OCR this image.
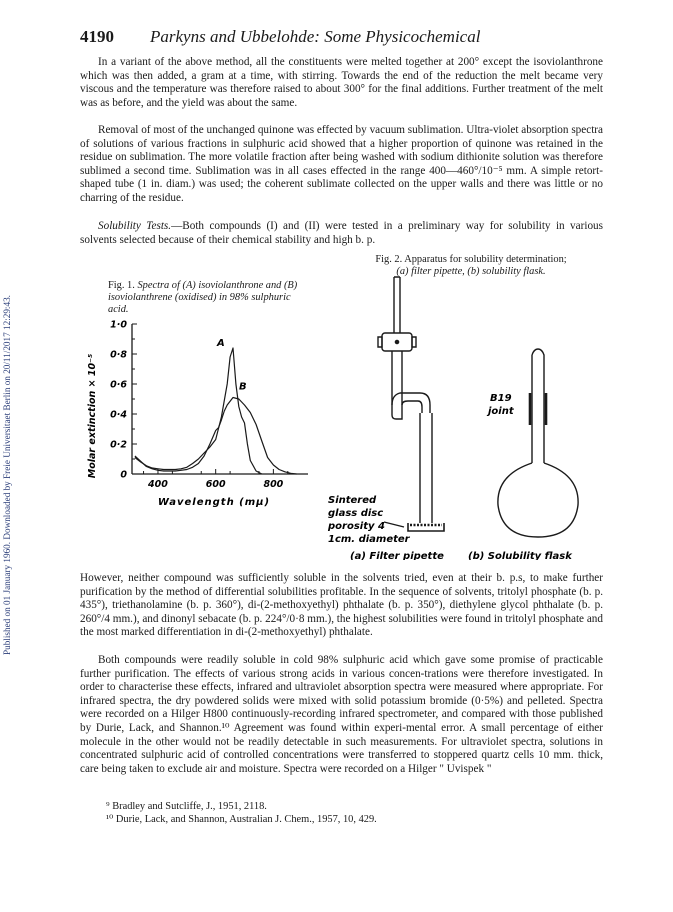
Published on 01 January 1960. Downloaded by Freie Universitaet Berlin on 20/11/2017 12:29:43.
4190 Parkyns and Ubbelohde: Some Physicochemical

In a variant of the above method, all the constituents were melted together at 200° except the isoviolanthrone which was then added, a gram at a time, with stirring. Towards the end of the reduction the melt became very viscous and the temperature was therefore raised to about 300° for the final additions. Further treatment of the melt was as before, and the yield was about the same.

Removal of most of the unchanged quinone was effected by vacuum sublimation. Ultra-violet absorption spectra of solutions of various fractions in sulphuric acid showed that a higher proportion of quinone was retained in the residue on sublimation. The more volatile fraction after being washed with sodium dithionite solution was therefore sublimed a second time. Sublimation was in all cases effected in the range 400—460°/10⁻⁵ mm. A simple retort-shaped tube (1 in. diam.) was used; the coherent sublimate collected on the upper walls and there was little or no charring of the residue.

Solubility Tests.—Both compounds (I) and (II) were tested in a preliminary way for solubility in various solvents selected because of their chemical stability and high b. p.

Fig. 1. Spectra of (A) isoviolanthrone and (B) isoviolanthrene (oxidised) in 98% sulphuric acid.

0
0·2
0·4
0·6
0·8
1·0
400	600	800
A
B
Molar extinction × 10⁻⁵
Wavelength (mμ)

Fig. 2. Apparatus for solubility determination;
(a) filter pipette, (b) solubility flask.

B19
joint
Sintered
glass disc
porosity 4
1cm. diameter
(a) Filter pipette (b) Solubility flask

However, neither compound was sufficiently soluble in the solvents tried, even at their b. p.s, to make further purification by the method of differential solubilities profitable. In the sequence of solvents, tritolyl phosphate (b. p. 435°), triethanolamine (b. p. 360°), di-(2-methoxyethyl) phthalate (b. p. 350°), diethylene glycol phthalate (b. p. 260°/4 mm.), and dinonyl sebacate (b. p. 224°/0·8 mm.), the highest solubilities were found in tritolyl phosphate and the most marked differentiation in di-(2-methoxyethyl) phthalate.

Both compounds were readily soluble in cold 98% sulphuric acid which gave some promise of practicable further purification. The effects of various strong acids in various concen-trations were therefore investigated. In order to characterise these effects, infrared and ultraviolet absorption spectra were measured where appropriate. For infrared spectra, the dry powdered solids were mixed with solid potassium bromide (0·5%) and pelleted. Spectra were recorded on a Hilger H800 continuously-recording infrared spectrometer, and compared with those published by Durie, Lack, and Shannon.¹⁰ Agreement was found within experi-mental error. A small percentage of either molecule in the other would not be readily detectable in such measurements. For ultraviolet spectra, solutions in concentrated sulphuric acid of controlled concentrations were transferred to stoppered quartz cells 10 mm. thick, care being taken to exclude air and moisture. Spectra were recorded on a Hilger " Uvispek "

⁹ Bradley and Sutcliffe, J., 1951, 2118.
¹⁰ Durie, Lack, and Shannon, Australian J. Chem., 1957, 10, 429.
